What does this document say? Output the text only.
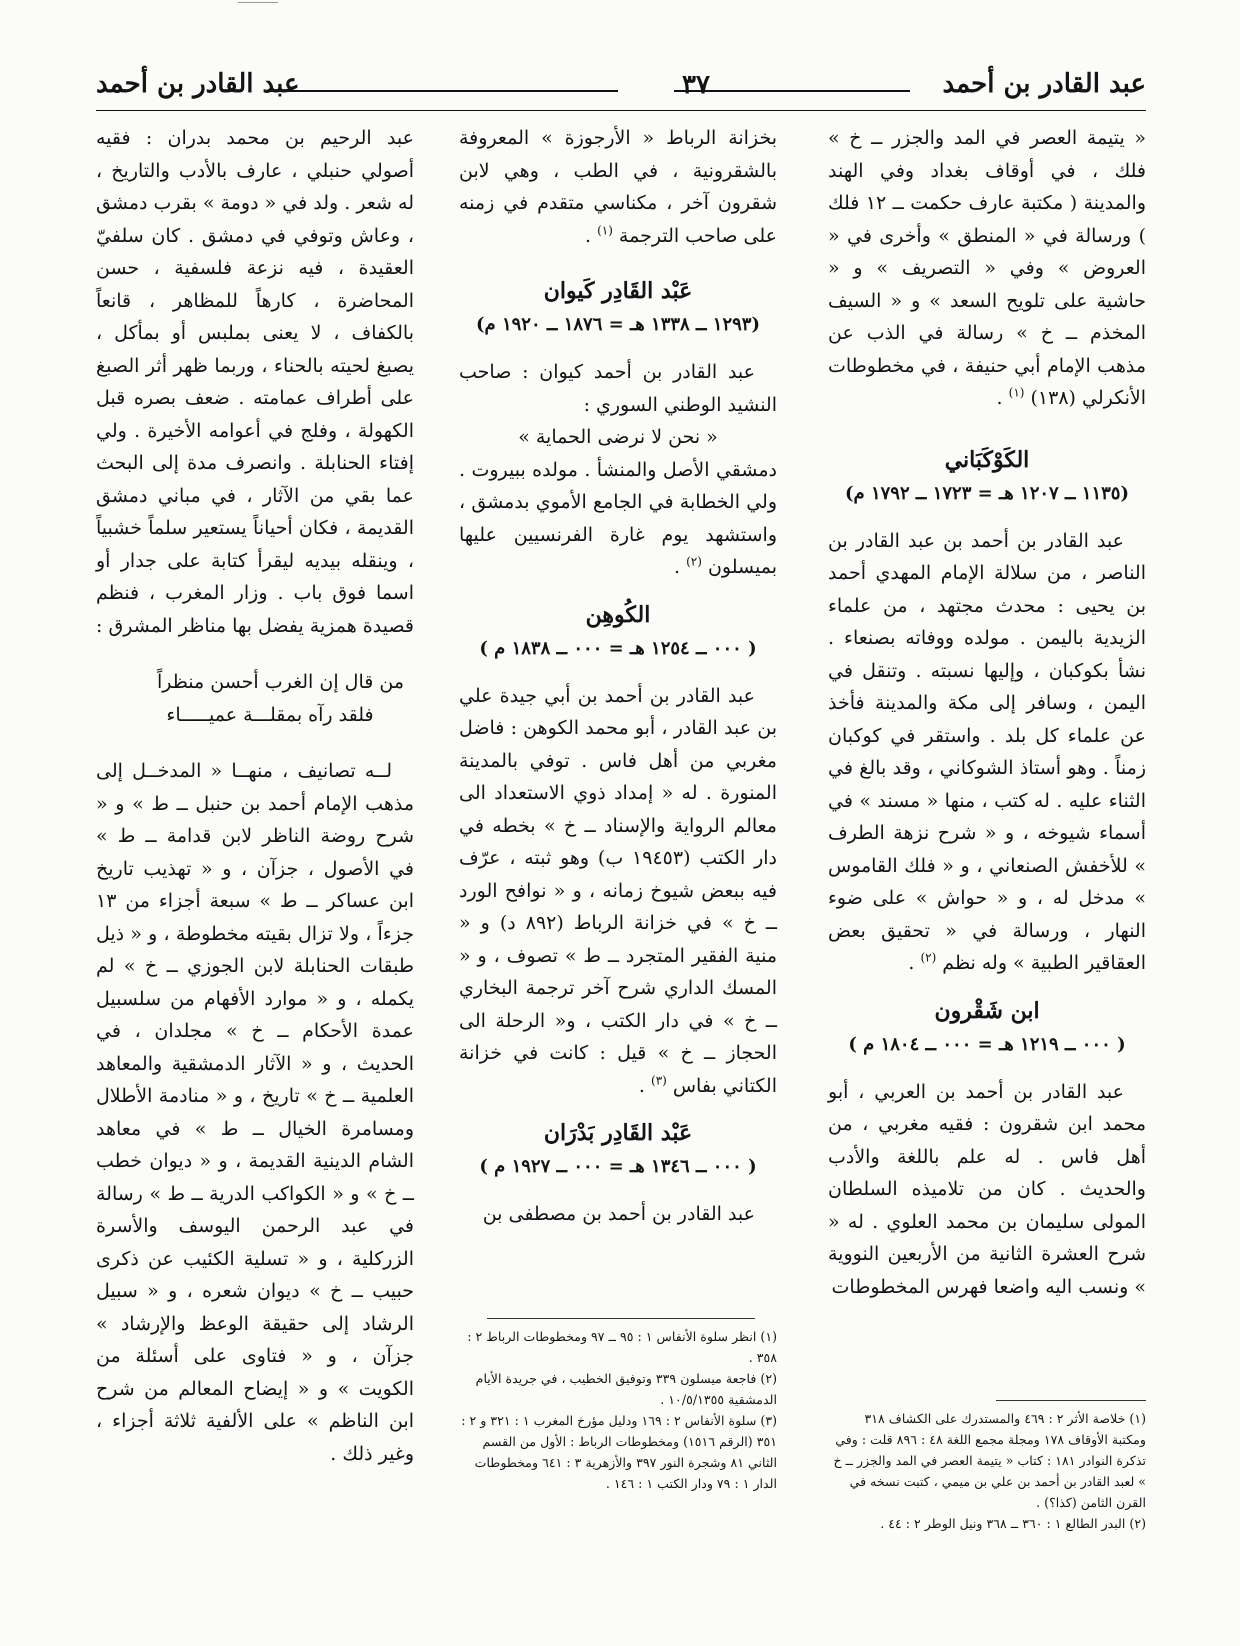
عبد القادر بن أحمد
٣٧
عبد القادر بن أحمد

« يتيمة العصر في المد والجزر ــ خ » فلك ، في أوقاف بغداد وفي الهند والمدينة ( مكتبة عارف حكمت ــ ١٢ فلك ) ورسالة في « المنطق » وأخرى في « العروض » وفي « التصريف » و « حاشية على تلويح السعد » و « السيف المخذم ــ خ » رسالة في الذب عن مذهب الإمام أبي حنيفة ، في مخطوطات الأنكرلي (١٣٨) $^{(١)}$ .

الكَوْكَبَاني
(١١٣٥ ــ ١٢٠٧ هـ = ١٧٢٣ ــ ١٧٩٢ م)

عبد القادر بن أحمد بن عبد القادر بن الناصر ، من سلالة الإمام المهدي أحمد بن يحيى : محدث مجتهد ، من علماء الزيدية باليمن . مولده ووفاته بصنعاء . نشأ بكوكبان ، وإليها نسبته . وتنقل في اليمن ، وسافر إلى مكة والمدينة فأخذ عن علماء كل بلد . واستقر في كوكبان زمناً . وهو أستاذ الشوكاني ، وقد بالغ في الثناء عليه . له كتب ، منها « مسند » في أسماء شيوخه ، و « شرح نزهة الطرف » للأخفش الصنعاني ، و « فلك القاموس » مدخل له ، و « حواش » على ضوء النهار ، ورسالة في « تحقيق بعض العقاقير الطبية » وله نظم $^{(٢)}$ .

ابن شَقْرون
( ٠٠٠ ــ ١٢١٩ هـ = ٠٠٠ ــ ١٨٠٤ م )

عبد القادر بن أحمد بن العربي ، أبو محمد ابن شقرون : فقيه مغربي ، من أهل فاس . له علم باللغة والأدب والحديث . كان من تلاميذه السلطان المولى سليمان بن محمد العلوي . له « شرح العشرة الثانية من الأربعين النووية » ونسب اليه واضعا فهرس المخطوطات

بخزانة الرباط « الأرجوزة » المعروفة بالشقرونية ، في الطب ، وهي لابن شقرون آخر ، مكناسي متقدم في زمنه على صاحب الترجمة $^{(١)}$ .

عَبْد القَادِر كَيوان
(١٢٩٣ ــ ١٣٣٨ هـ = ١٨٧٦ ــ ١٩٢٠ م)

عبد القادر بن أحمد كيوان : صاحب النشيد الوطني السوري :

« نحن لا نرضى الحماية »

دمشقي الأصل والمنشأ . مولده ببيروت . ولي الخطابة في الجامع الأموي بدمشق ، واستشهد يوم غارة الفرنسيين عليها بميسلون $^{(٢)}$ .

الكُوهِن
( ٠٠٠ ــ ١٢٥٤ هـ = ٠٠٠ ــ ١٨٣٨ م )

عبد القادر بن أحمد بن أبي جيدة علي بن عبد القادر ، أبو محمد الكوهن : فاضل مغربي من أهل فاس . توفي بالمدينة المنورة . له « إمداد ذوي الاستعداد الى معالم الرواية والإسناد ــ خ » بخطه في دار الكتب (١٩٤٥٣ ب) وهو ثبته ، عرّف فيه ببعض شيوخ زمانه ، و « نوافح الورد ــ خ » في خزانة الرباط (٨٩٢ د) و « منية الفقير المتجرد ــ ط » تصوف ، و « المسك الداري شرح آخر ترجمة البخاري ــ خ » في دار الكتب ، و« الرحلة الى الحجاز ــ خ » قيل : كانت في خزانة الكتاني بفاس $^{(٣)}$ .

عَبْد القَادِر بَدْرَان
( ٠٠٠ ــ ١٣٤٦ هـ = ٠٠٠ ــ ١٩٢٧ م )

عبد القادر بن أحمد بن مصطفى بن

عبد الرحيم بن محمد بدران : فقيه أصولي حنبلي ، عارف بالأدب والتاريخ ، له شعر . ولد في « دومة » بقرب دمشق ، وعاش وتوفي في دمشق . كان سلفيّ العقيدة ، فيه نزعة فلسفية ، حسن المحاضرة ، كارهاً للمظاهر ، قانعاً بالكفاف ، لا يعنى بملبس أو بمأكل ، يصبغ لحيته بالحناء ، وربما ظهر أثر الصبغ على أطراف عمامته . ضعف بصره قبل الكهولة ، وفلج في أعوامه الأخيرة . ولي إفتاء الحنابلة . وانصرف مدة إلى البحث عما بقي من الآثار ، في مباني دمشق القديمة ، فكان أحياناً يستعير سلماً خشبياً ، وينقله بيديه ليقرأ كتابة على جدار أو اسما فوق باب . وزار المغرب ، فنظم قصيدة همزية يفضل بها مناظر المشرق :

من قال إن الغرب أحسن منظراً

فلقد رآه بمقلـــة عميـــــاء

لــه تصانيف ، منهــا « المدخــل إلى مذهب الإمام أحمد بن حنبل ــ ط » و « شرح روضة الناظر لابن قدامة ــ ط » في الأصول ، جزآن ، و « تهذيب تاريخ ابن عساكر ــ ط » سبعة أجزاء من ١٣ جزءاً ، ولا تزال بقيته مخطوطة ، و « ذيل طبقات الحنابلة لابن الجوزي ــ خ » لم يكمله ، و « موارد الأفهام من سلسبيل عمدة الأحكام ــ خ » مجلدان ، في الحديث ، و « الآثار الدمشقية والمعاهد العلمية ــ خ » تاريخ ، و « منادمة الأطلال ومسامرة الخيال ــ ط » في معاهد الشام الدينية القديمة ، و « ديوان خطب ــ خ » و « الكواكب الدرية ــ ط » رسالة في عبد الرحمن اليوسف والأسرة الزركلية ، و « تسلية الكئيب عن ذكرى حبيب ــ خ » ديوان شعره ، و « سبيل الرشاد إلى حقيقة الوعظ والإرشاد » جزآن ، و « فتاوى على أسئلة من الكويت » و « إيضاح المعالم من شرح ابن الناظم » على الألفية ثلاثة أجزاء ، وغير ذلك .

(١) خلاصة الأثر ٢ : ٤٦٩ والمستدرك على الكشاف ٣١٨ ومكتبة الأوقاف ١٧٨ ومجلة مجمع اللغة ٤٨ : ٨٩٦ قلت : وفي تذكرة النوادر ١٨١ : كتاب « يتيمة العصر في المد والجزر ــ خ » لعبد القادر بن أحمد بن علي بن ميمي ، كتبت نسخه في القرن الثامن (كذا؟) .

(٢) البدر الطالع ١ : ٣٦٠ ــ ٣٦٨ ونيل الوطر ٢ : ٤٤ .

(١) انظر سلوة الأنفاس ١ : ٩٥ ــ ٩٧ ومخطوطات الرباط ٢ : ٣٥٨ .

(٢) فاجعة ميسلون ٣٣٩ وتوفيق الخطيب ، في جريدة الأيام الدمشقية ١٠/٥/١٣٥٥ .

(٣) سلوة الأنفاس ٢ : ١٦٩ ودليل مؤرخ المغرب ١ : ٣٢١ و ٢ : ٣٥١ (الرقم ١٥١٦) ومخطوطات الرباط : الأول من القسم الثاني ٨١ وشجرة النور ٣٩٧ والأزهرية ٣ : ٦٤١ ومخطوطات الدار ١ : ٧٩ ودار الكتب ١ : ١٤٦ .
